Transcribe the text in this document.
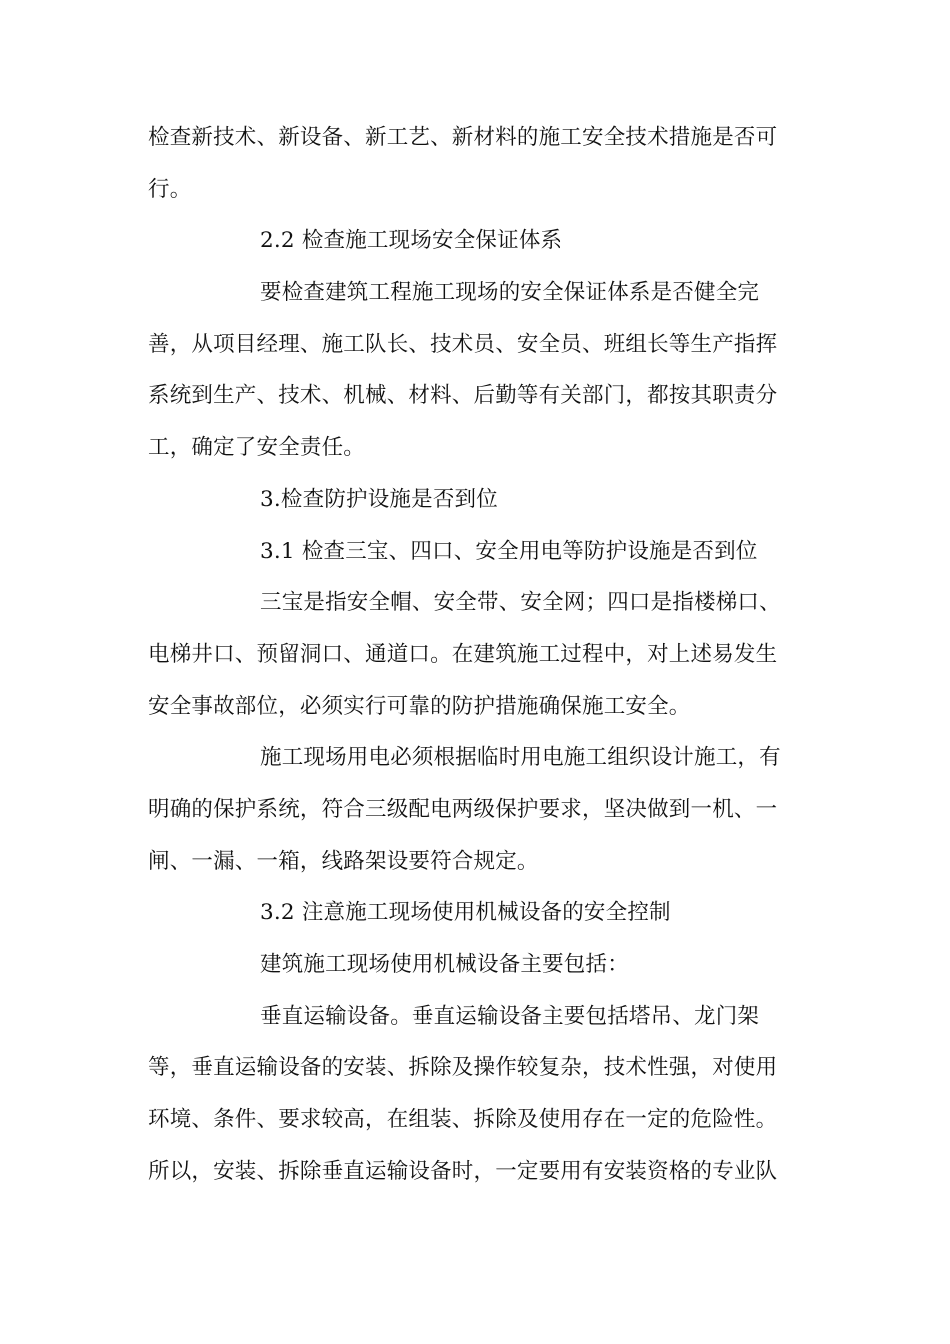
检查新技术、新设备、新工艺、新材料的施工安全技术措施是否可
行。
2.2 检查施工现场安全保证体系
要检查建筑工程施工现场的安全保证体系是否健全完
善，从项目经理、施工队长、技术员、安全员、班组长等生产指挥
系统到生产、技术、机械、材料、后勤等有关部门，都按其职责分
工，确定了安全责任。
3.检查防护设施是否到位
3.1 检查三宝、四口、安全用电等防护设施是否到位
三宝是指安全帽、安全带、安全网；四口是指楼梯口、
电梯井口、预留洞口、通道口。在建筑施工过程中，对上述易发生
安全事故部位，必须实行可靠的防护措施确保施工安全。
施工现场用电必须根据临时用电施工组织设计施工，有
明确的保护系统，符合三级配电两级保护要求，坚决做到一机、一
闸、一漏、一箱，线路架设要符合规定。
3.2 注意施工现场使用机械设备的安全控制
建筑施工现场使用机械设备主要包括：
垂直运输设备。垂直运输设备主要包括塔吊、龙门架
等，垂直运输设备的安装、拆除及操作较复杂，技术性强，对使用
环境、条件、要求较高，在组装、拆除及使用存在一定的危险性。
所以，安装、拆除垂直运输设备时，一定要用有安装资格的专业队
